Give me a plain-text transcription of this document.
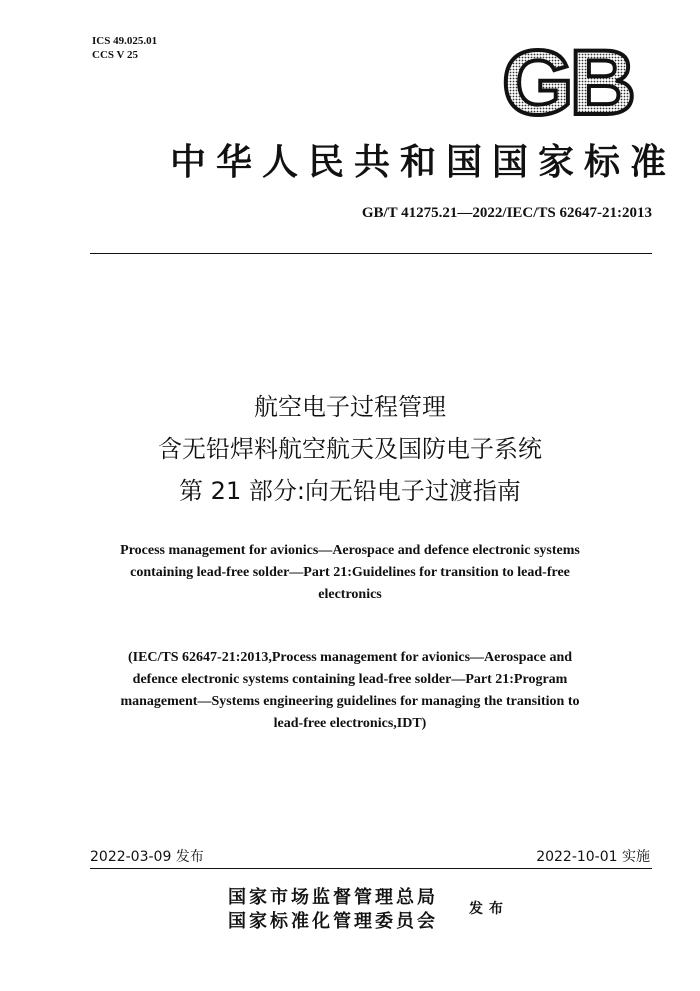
ICS 49.025.01
CCS V 25	GB
中华人民共和国国家标准
GB/T 41275.21—2022/IEC/TS 62647-21:2013
航空电子过程管理
含无铅焊料航空航天及国防电子系统
第 21 部分:向无铅电子过渡指南
Process management for avionics—Aerospace and defence electronic systems
containing lead-free solder—Part 21:Guidelines for transition to lead-free
electronics
(IEC/TS 62647-21:2013,Process management for avionics—Aerospace and
defence electronic systems containing lead-free solder—Part 21:Program
management—Systems engineering guidelines for managing the transition to
lead-free electronics,IDT)
2022-03-09 发布	2022-10-01 实施
国家市场监督管理总局
国家标准化管理委员会
发布
